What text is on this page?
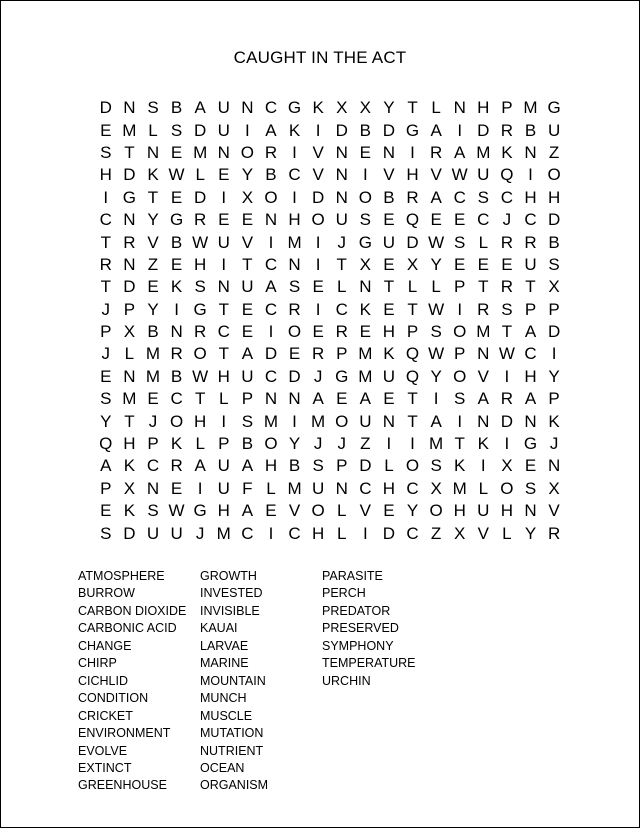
CAUGHT IN THE ACT
D N S B A U N C G K X X Y T L N H P M G
E M L S D U I A K I D B D G A I D R B U
S T N E M N O R I V N E N I R A M K N Z
H D K W L E Y B C V N I V H V W U Q I O
I G T E D I X O I D N O B R A C S C H H
C N Y G R E E N H O U S E Q E E C J C D
T R V B W U V I M I J G U D W S L R R B
R N Z E H I T C N I T X E X Y E E E U S
T D E K S N U A S E L N T L L P T R T X
J P Y I G T E C R I C K E T W I R S P P
P X B N R C E I O E R E H P S O M T A D
J L M R O T A D E R P M K Q W P N W C I
E N M B W H U C D J G M U Q Y O V I H Y
S M E C T L P N N A E A E T I S A R A P
Y T J O H I S M I M O U N T A I N D N K
Q H P K L P B O Y J J Z I	I M T K I G J
A K C R A U A H B S P D L O S K I X E N
P X N E I U F L M U N C H C X M L O S X
E K S W G H A E V O L V E Y O H U H N V
S D U U J M C I C H L I D C Z X V L Y R
ATMOSPHERE
BURROW
CARBON DIOXIDE
CARBONIC ACID
CHANGE
CHIRP
CICHLID
CONDITION
CRICKET
ENVIRONMENT
EVOLVE
EXTINCT
GREENHOUSE
GROWTH
INVESTED
INVISIBLE
KAUAI
LARVAE
MARINE
MOUNTAIN
MUNCH
MUSCLE
MUTATION
NUTRIENT
OCEAN
ORGANISM
PARASITE
PERCH
PREDATOR
PRESERVED
SYMPHONY
TEMPERATURE
URCHIN
